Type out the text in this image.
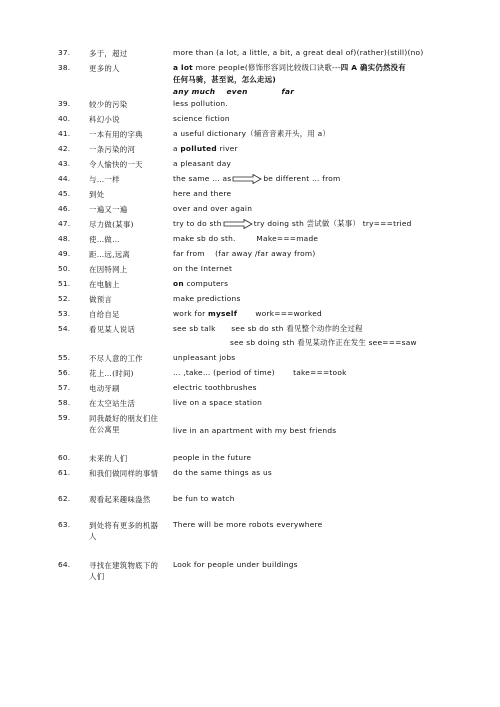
37.	多于，超过	more than (a lot, a little, a bit, a great deal of)(rather)(still)(no)
38.	更多的人	a lot more people(修饰形容词比较级口诀歌---四 A 确实仍然没有
任何马骑，甚至说，怎么走远)
any much    even            far
39.	较少的污染	less pollution.
40.	科幻小说	science fiction
41.	一本有用的字典	a useful dictionary（辅音音素开头，用 a）
42.	一条污染的河	a polluted river
43.	令人愉快的一天	a pleasant day
44.	与…一样	the same … as	be different … from
45.	到处	here and there
46.	一遍又一遍	over and over again
47.	尽力做(某事)	try to do sth	try doing sth 尝试做（某事） try===tried
48.	使…做…	make sb do sth.        Make===made
49.	距…远,远离	far from    (far away /far away from)
50.	在因特网上	on the Internet
51.	在电脑上	on computers
52.	做预言	make predictions
53.	自给自足	work for myself       work===worked
54.	看见某人说话	see sb talk      see sb do sth 看见整个动作的全过程
see sb doing sth 看见某动作正在发生 see===saw
55.	不尽人意的工作	unpleasant jobs
56.	花上…(时间)	… ,take… (period of time)       take===took
57.	电动牙刷	electric toothbrushes
58.	在太空站生活	live on a space station
59.	同我最好的朋友们住在公寓里	live in an apartment with my best friends
60.	未来的人们	people in the future
61.	和我们做同样的事情	do the same things as us
62.	观看起来趣味盎然	be fun to watch
63.	到处将有更多的机器人
There will be more robots everywhere
64.	寻找在建筑物底下的人们
Look for people under buildings
